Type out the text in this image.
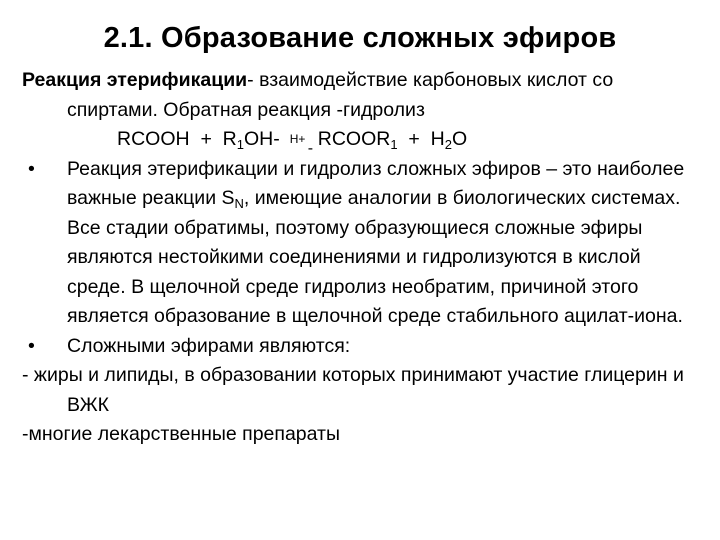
2.1. Образование сложных эфиров
Реакция этерификации- взаимодействие карбоновых кислот со спиртами. Обратная реакция -гидролиз
RCOOH + $R_1OH-$ H+
- $RCOOR_1 + H_2O$
• Реакция этерификации и гидролиз сложных эфиров – это наиболее важные реакции $S_N$, имеющие аналогии в биологических системах. Все стадии обратимы, поэтому образующиеся сложные эфиры являются нестойкими соединениями и гидролизуются в кислой среде. В щелочной среде гидролиз необратим, причиной этого является образование в щелочной среде стабильного ацилат-иона.
• Сложными эфирами являются:
- жиры и липиды, в образовании которых принимают участие глицерин и ВЖК
-многие лекарственные препараты
